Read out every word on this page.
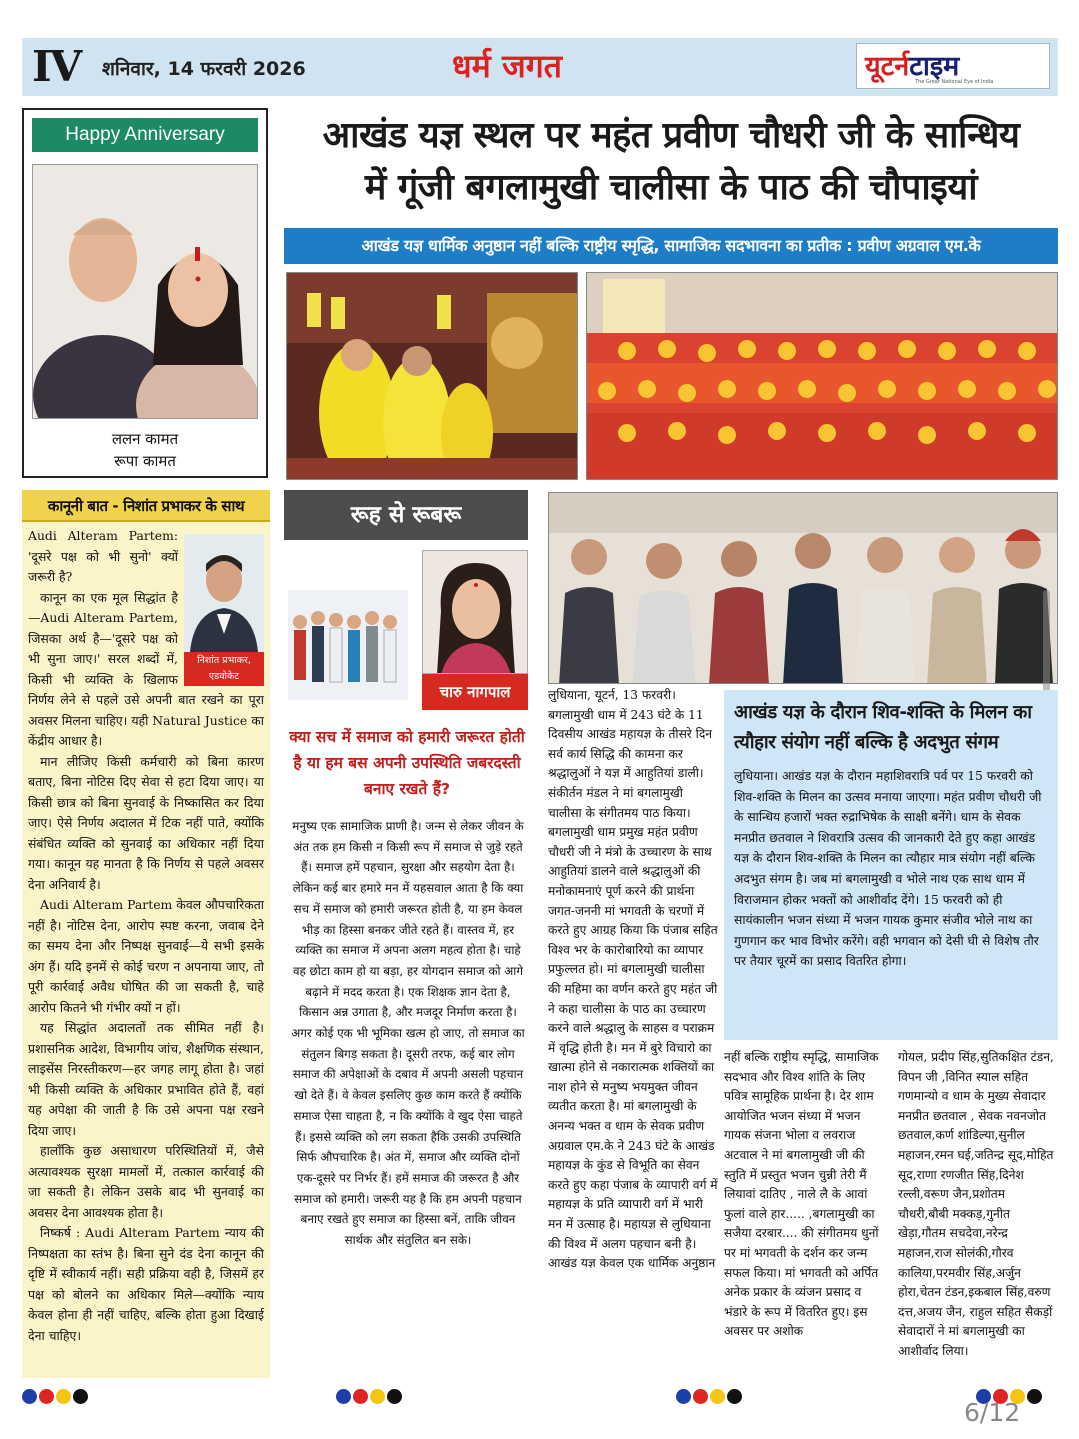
IV शनिवार, 14 फरवरी 2026	धर्म जगत	यूटर्नटाइम
The Great National Eye of India
Happy Anniversary
ललन कामत
रूपा कामत
आखंड यज्ञ स्थल पर महंत प्रवीण चौधरी जी के सान्धिय
में गूंजी बगलामुखी चालीसा के पाठ की चौपाइयां
आखंड यज्ञ धार्मिक अनुष्ठान नहीं बल्कि राष्ट्रीय स्मृद्धि, सामाजिक सदभावना का प्रतीक : प्रवीण अग्रवाल एम.के
कानूनी बात - निशांत प्रभाकर के साथ
निशांत प्रभाकर, एडवोकेट

Audi Alteram Partem: 'दूसरे पक्ष को भी सुनो' क्यों जरूरी है?

कानून का एक मूल सिद्धांत है—Audi Alteram Partem, जिसका अर्थ है—'दूसरे पक्ष को भी सुना जाए।' सरल शब्दों में, किसी भी व्यक्ति के खिलाफ निर्णय लेने से पहले उसे अपनी बात रखने का पूरा अवसर मिलना चाहिए। यही Natural Justice का केंद्रीय आधार है।

मान लीजिए किसी कर्मचारी को बिना कारण बताए, बिना नोटिस दिए सेवा से हटा दिया जाए। या किसी छात्र को बिना सुनवाई के निष्कासित कर दिया जाए। ऐसे निर्णय अदालत में टिक नहीं पाते, क्योंकि संबंधित व्यक्ति को सुनवाई का अधिकार नहीं दिया गया। कानून यह मानता है कि निर्णय से पहले अवसर देना अनिवार्य है।

Audi Alteram Partem केवल औपचारिकता नहीं है। नोटिस देना, आरोप स्पष्ट करना, जवाब देने का समय देना और निष्पक्ष सुनवाई—ये सभी इसके अंग हैं। यदि इनमें से कोई चरण न अपनाया जाए, तो पूरी कार्रवाई अवैध घोषित की जा सकती है, चाहे आरोप कितने भी गंभीर क्यों न हों।

यह सिद्धांत अदालतों तक सीमित नहीं है। प्रशासनिक आदेश, विभागीय जांच, शैक्षणिक संस्थान, लाइसेंस निरस्तीकरण—हर जगह लागू होता है। जहां भी किसी व्यक्ति के अधिकार प्रभावित होते हैं, वहां यह अपेक्षा की जाती है कि उसे अपना पक्ष रखने दिया जाए।

हालाँकि कुछ असाधारण परिस्थितियों में, जैसे अत्यावश्यक सुरक्षा मामलों में, तत्काल कार्रवाई की जा सकती है। लेकिन उसके बाद भी सुनवाई का अवसर देना आवश्यक होता है।

निष्कर्ष : Audi Alteram Partem न्याय की निष्पक्षता का स्तंभ है। बिना सुने दंड देना कानून की दृष्टि में स्वीकार्य नहीं। सही प्रक्रिया वही है, जिसमें हर पक्ष को बोलने का अधिकार मिले—क्योंकि न्याय केवल होना ही नहीं चाहिए, बल्कि होता हुआ दिखाई देना चाहिए।

रूह से रूबरू
चारु नागपाल
क्या सच में समाज को हमारी जरूरत होती है या हम बस अपनी उपस्थिति जबरदस्ती बनाए रखते हैं?
मनुष्य एक सामाजिक प्राणी है। जन्म से लेकर जीवन के अंत तक हम किसी न किसी रूप में समाज से जुड़े रहते हैं। समाज हमें पहचान, सुरक्षा और सहयोग देता है। लेकिन कई बार हमारे मन में यहसवाल आता है कि क्या सच में समाज को हमारी जरूरत होती है, या हम केवल भीड़ का हिस्सा बनकर जीते रहते हैं। वास्तव में, हर व्यक्ति का समाज में अपना अलग महत्व होता है। चाहे वह छोटा काम हो या बड़ा, हर योगदान समाज को आगे बढ़ाने में मदद करता है। एक शिक्षक ज्ञान देता है, किसान अन्न उगाता है, और मजदूर निर्माण करता है। अगर कोई एक भी भूमिका खत्म हो जाए, तो समाज का संतुलन बिगड़ सकता है। दूसरी तरफ, कई बार लोग समाज की अपेक्षाओं के दबाव में अपनी असली पहचान खो देते हैं। वे केवल इसलिए कुछ काम करते हैं क्योंकि समाज ऐसा चाहता है, न कि क्योंकि वे खुद ऐसा चाहते हैं। इससे व्यक्ति को लग सकता हैकि उसकी उपस्थिति सिर्फ औपचारिक है। अंत में, समाज और व्यक्ति दोनों एक-दूसरे पर निर्भर हैं। हमें समाज की जरूरत है और समाज को हमारी। जरूरी यह है कि हम अपनी पहचान बनाए रखते हुए समाज का हिस्सा बनें, ताकि जीवन सार्थक और संतुलित बन सके।
लुधियाना, यूटर्न, 13 फरवरी। बगलामुखी धाम में 243 घंटे के 11 दिवसीय आखंड महायज्ञ के तीसरे दिन सर्व कार्य सिद्धि की कामना कर श्रद्धालुओं ने यज्ञ में आहुतियां डाली। संकीर्तन मंडल ने मां बगलामुखी चालीसा के संगीतमय पाठ किया। बगलामुखी धाम प्रमुख महंत प्रवीण चौधरी जी ने मंत्रो के उच्चारण के साथ आहुतियां डालने वाले श्रद्धालुओं की मनोकामनाएं पूर्ण करने की प्रार्थना जगत-जननी मां भगवती के चरणों में करते हुए आग्रह किया कि पंजाब सहित विश्व भर के कारोबारियो का व्यापार प्रफुल्लत हो। मां बगलामुखी चालीसा की महिमा का वर्णन करते हुए महंत जी ने कहा चालीसा के पाठ का उच्चारण करने वाले श्रद्धालु के साहस व पराक्रम में वृद्धि होती है। मन में बुरे विचारो का खात्मा होने से नकारात्मक शक्तियों का नाश होने से मनुष्य भयमुक्त जीवन व्यतीत करता है। मां बगलामुखी के अनन्य भक्त व धाम के सेवक प्रवीण अग्रवाल एम.के ने 243 घंटे के आखंड महायज्ञ के कुंड से विभूति का सेवन करते हुए कहा पंजाब के व्यापारी वर्ग में महायज्ञ के प्रति व्यापारी वर्ग में भारी मन में उत्साह है। महायज्ञ से लुधियाना की विश्व में अलग पहचान बनी है। आखंड यज्ञ केवल एक धार्मिक अनुष्ठान
आखंड यज्ञ के दौरान शिव-शक्ति के मिलन का त्यौहार संयोग नहीं बल्कि है अदभुत संगम
लुधियाना। आखंड यज्ञ के दौरान महाशिवरात्रि पर्व पर 15 फरवरी को शिव-शक्ति के मिलन का उत्सव मनाया जाएगा। महंत प्रवीण चौधरी जी के सान्धिय हजारों भक्त रुद्राभिषेक के साक्षी बनेंगे। धाम के सेवक मनप्रीत छतवाल ने शिवरात्रि उत्सव की जानकारी देते हुए कहा आखंड यज्ञ के दौरान शिव-शक्ति के मिलन का त्यौहार मात्र संयोग नहीं बल्कि अदभुत संगम है। जब मां बगलामुखी व भोले नाथ एक साथ धाम में विराजमान होकर भक्तों को आशीर्वाद देंगे। 15 फरवरी को ही सायंकालीन भजन संध्या में भजन गायक कुमार संजीव भोले नाथ का गुणगान कर भाव विभोर करेंगे। वही भगवान को देसी घी से विशेष तौर पर तैयार चूरमें का प्रसाद वितरित होगा।
नहीं बल्कि राष्ट्रीय स्मृद्धि, सामाजिक सदभाव और विश्व शांति के लिए पवित्र सामूहिक प्रार्थना है। देर शाम आयोजित भजन संध्या में भजन गायक संजना भोला व लवराज अटवाल ने मां बगलामुखी जी की स्तुति में प्रस्तुत भजन चुन्नी तेरी मैं लियावां दातिए , नाले लै के आवां फुलां वाले हार..... ,बगलामुखी का सजैया दरबार.... की संगीतमय धुनों पर मां भगवती के दर्शन कर जन्म सफल किया। मां भगवती को अर्पित अनेक प्रकार के व्यंजन प्रसाद व भंडारे के रूप में वितरित हुए। इस अवसर पर अशोक
गोयल, प्रदीप सिंह,सुतिकक्षित टंडन, विपन जी ,विनित स्याल सहित गणमान्यो व धाम के मुख्य सेवादार मनप्रीत छतवाल , सेवक नवनजोत छतवाल,कर्ण शांडिल्या,सुनील महाजन,रमन घई,जतिन्द्र सूद,मोहित सूद,राणा रणजीत सिंह,दिनेश रल्ली,वरूण जैन,प्रशोतम चौधरी,बौबी मक्कड़,गुनीत खेड़ा,गौतम सचदेवा,नरेन्द्र महाजन,राज सोलंकी,गौरव कालिया,परमवीर सिंह,अर्जुन होरा,चेतन टंडन,इकबाल सिंह,वरुण दत्त,अजय जैन, राहुल सहित सैकड़ों सेवादारों ने मां बगलामुखी का आशीर्वाद लिया।
6/12
